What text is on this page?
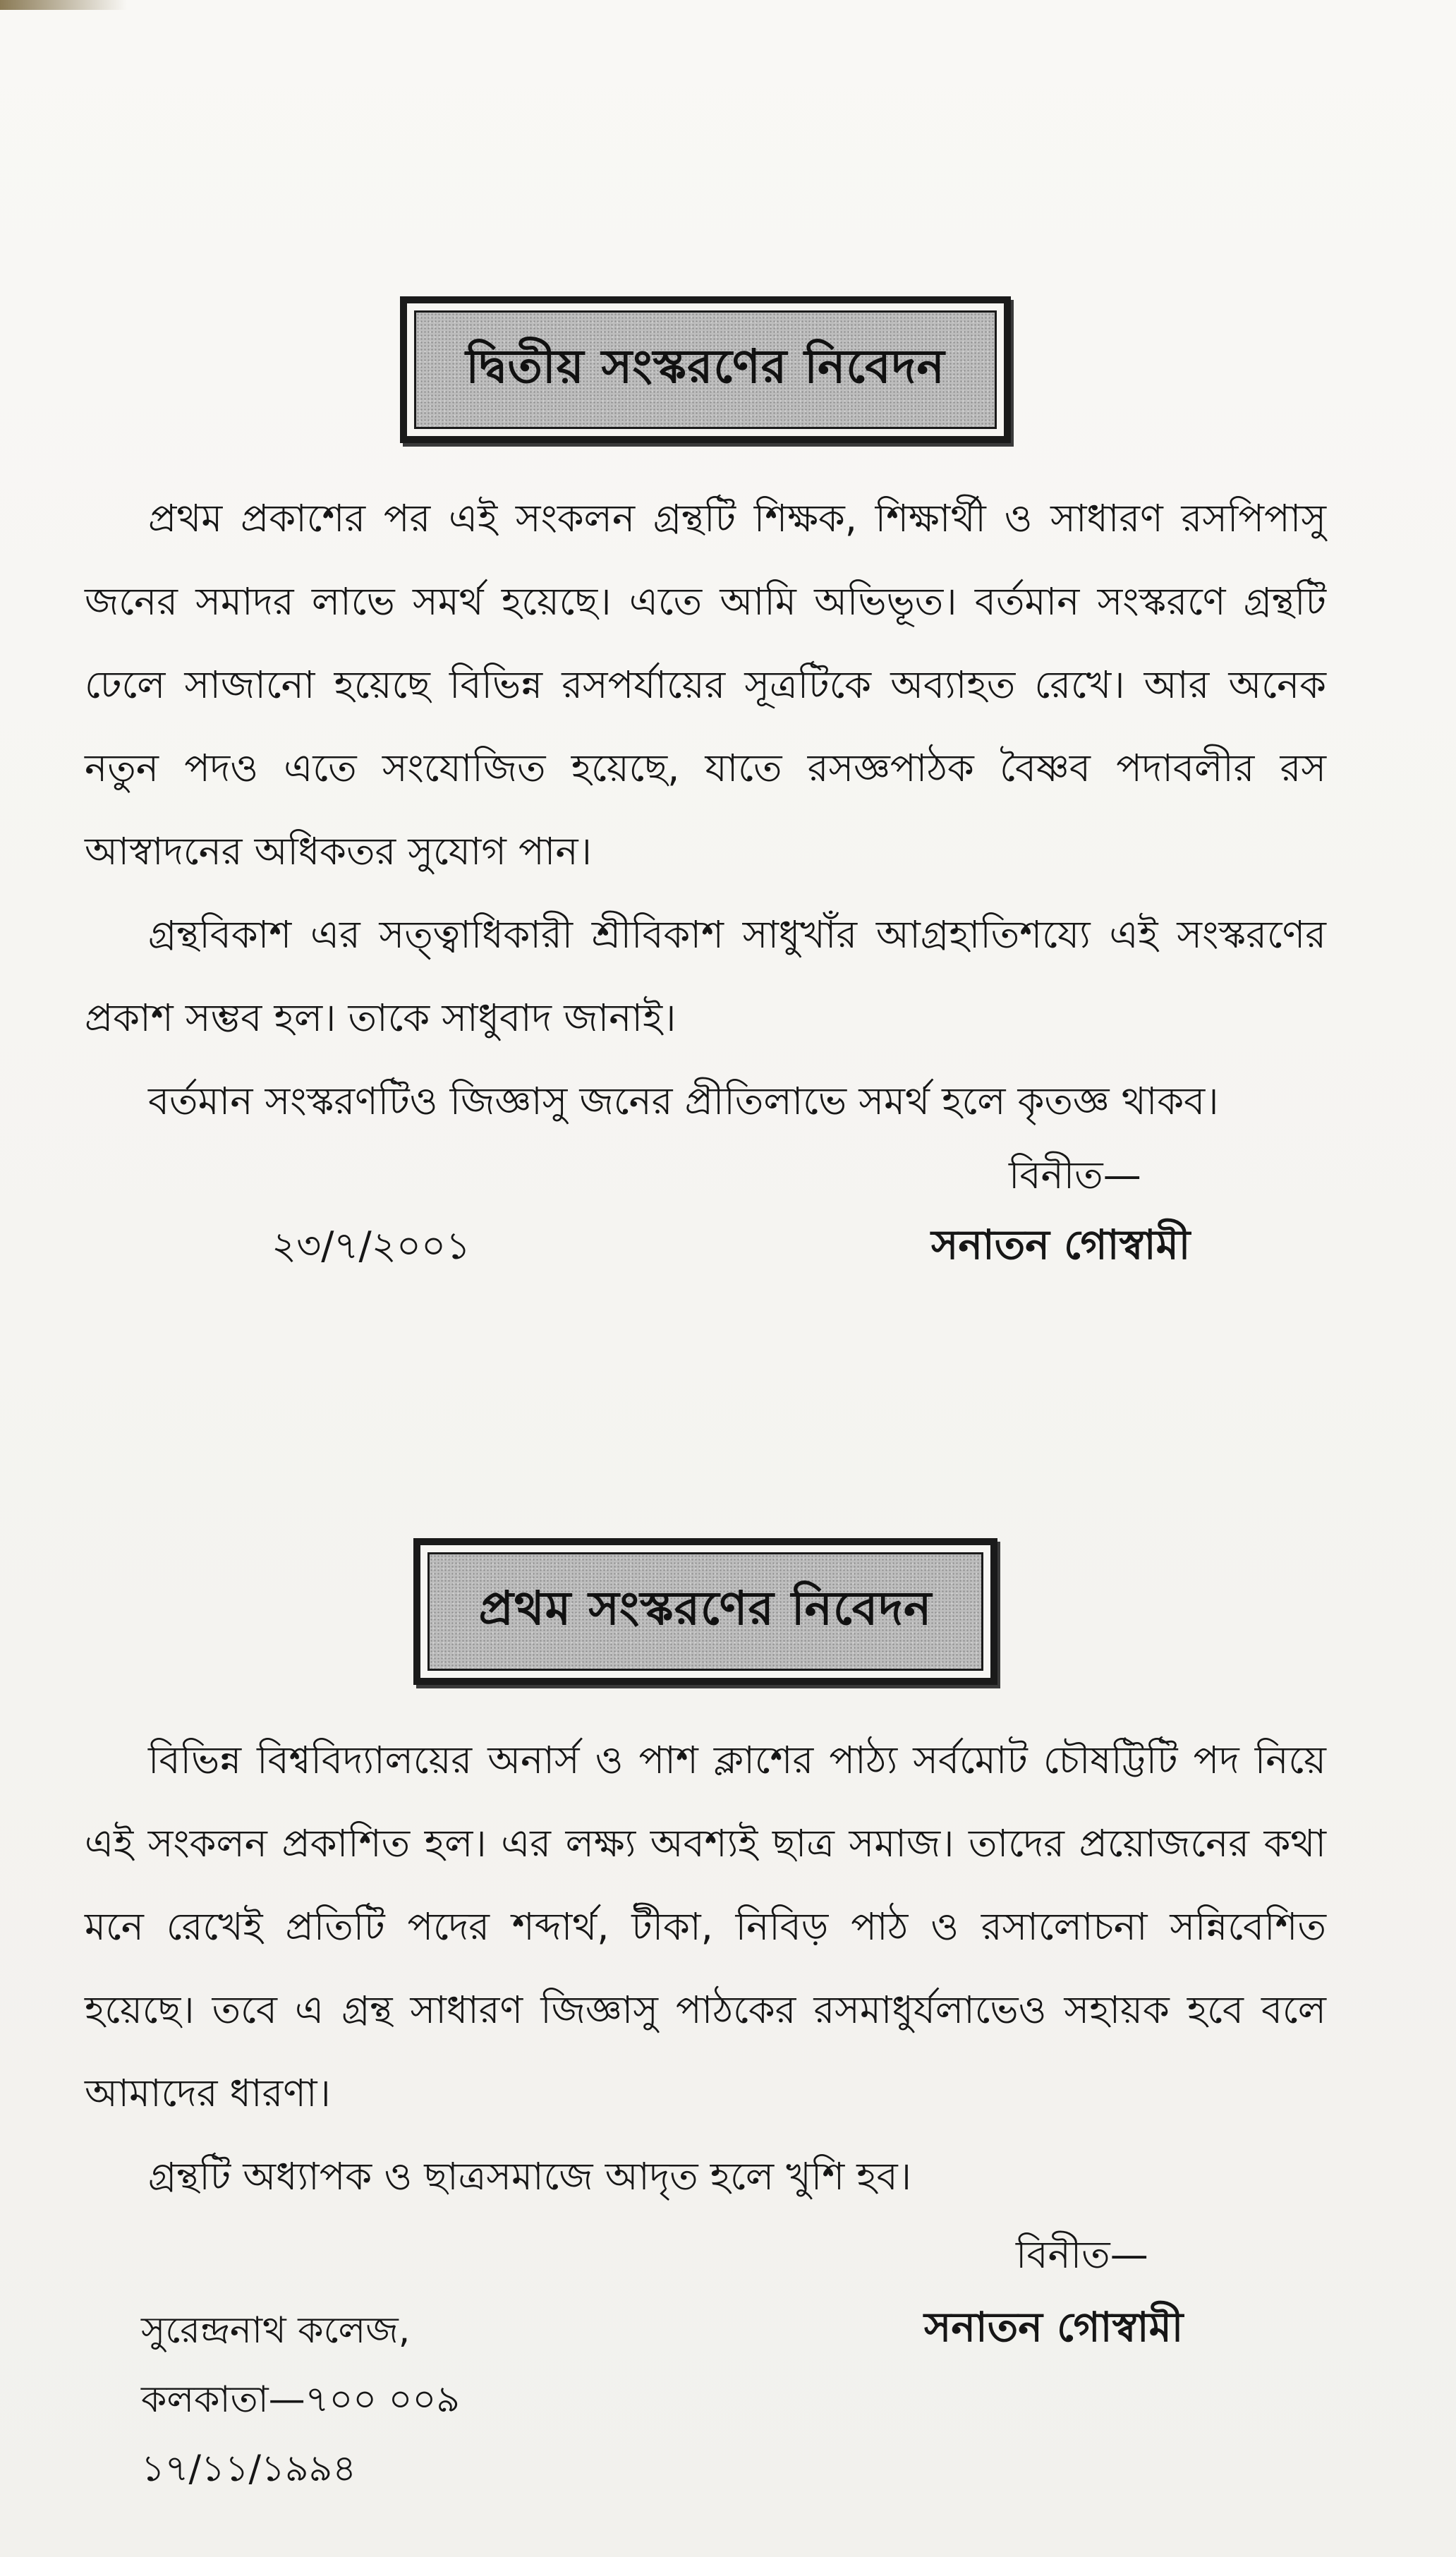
দ্বিতীয় সংস্করণের নিবেদন

প্রথম প্রকাশের পর এই সংকলন গ্রন্থটি শিক্ষক, শিক্ষার্থী ও সাধারণ রসপিপাসু জনের সমাদর লাভে সমর্থ হয়েছে। এতে আমি অভিভূত। বর্তমান সংস্করণে গ্রন্থটি ঢেলে সাজানো হয়েছে বিভিন্ন রসপর্যায়ের সূত্রটিকে অব্যাহত রেখে। আর অনেক নতুন পদও এতে সংযোজিত হয়েছে, যাতে রসজ্ঞপাঠক বৈষ্ণব পদাবলীর রস আস্বাদনের অধিকতর সুযোগ পান।

গ্রন্থবিকাশ এর সত্ত্বাধিকারী শ্রীবিকাশ সাধুখাঁর আগ্রহাতিশয্যে এই সংস্করণের প্রকাশ সম্ভব হল। তাকে সাধুবাদ জানাই।

বর্তমান সংস্করণটিও জিজ্ঞাসু জনের প্রীতিলাভে সমর্থ হলে কৃতজ্ঞ থাকব।

বিনীত—
২৩/৭/২০০১	সনাতন গোস্বামী
প্রথম সংস্করণের নিবেদন

বিভিন্ন বিশ্ববিদ্যালয়ের অনার্স ও পাশ ক্লাশের পাঠ্য সর্বমোট চৌষট্টিটি পদ নিয়ে এই সংকলন প্রকাশিত হল। এর লক্ষ্য অবশ্যই ছাত্র সমাজ। তাদের প্রয়োজনের কথা মনে রেখেই প্রতিটি পদের শব্দার্থ, টীকা, নিবিড় পাঠ ও রসালোচনা সন্নিবেশিত হয়েছে। তবে এ গ্রন্থ সাধারণ জিজ্ঞাসু পাঠকের রসমাধুর্যলাভেও সহায়ক হবে বলে আমাদের ধারণা।

গ্রন্থটি অধ্যাপক ও ছাত্রসমাজে আদৃত হলে খুশি হব।

বিনীত—
সনাতন গোস্বামী
সুরেন্দ্রনাথ কলেজ,
কলকাতা—৭০০ ০০৯
১৭/১১/১৯৯৪
